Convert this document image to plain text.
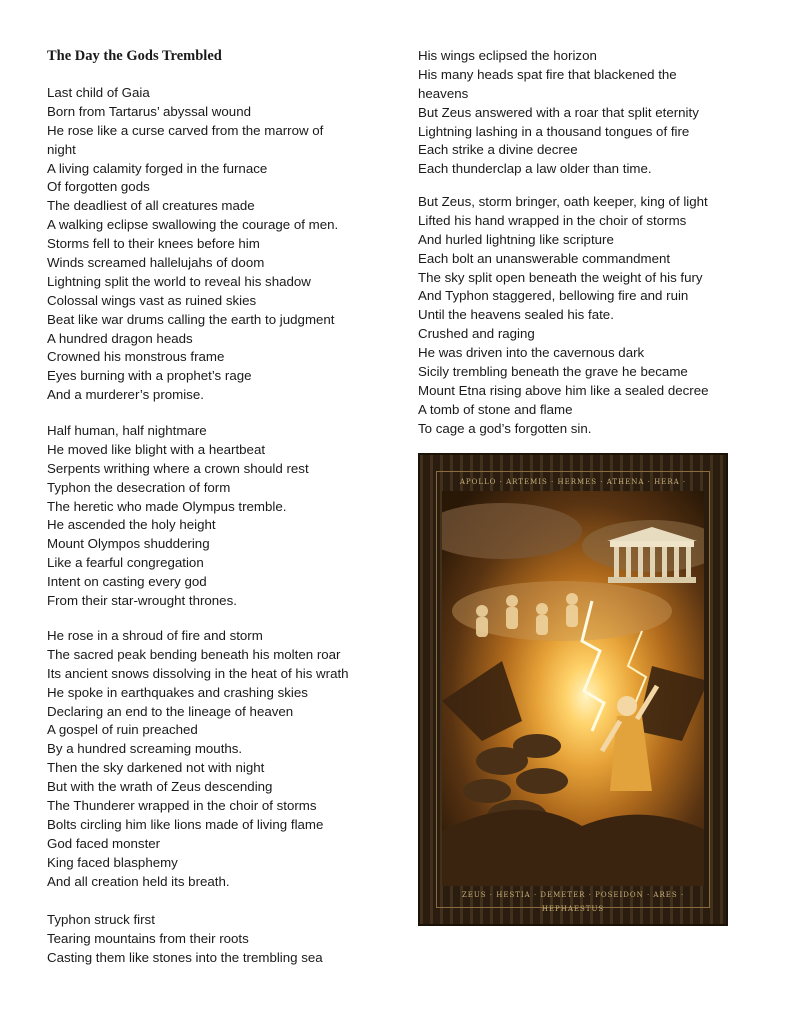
The Day the Gods Trembled
Last child of Gaia
Born from Tartarus’ abyssal wound
He rose like a curse carved from the marrow of
night
A living calamity forged in the furnace
Of forgotten gods
The deadliest of all creatures made
A walking eclipse swallowing the courage of men.
Storms fell to their knees before him
Winds screamed hallelujahs of doom
Lightning split the world to reveal his shadow
Colossal wings vast as ruined skies
Beat like war drums calling the earth to judgment
A hundred dragon heads
Crowned his monstrous frame
Eyes burning with a prophet’s rage
And a murderer’s promise.
Half human, half nightmare
He moved like blight with a heartbeat
Serpents writhing where a crown should rest
Typhon the desecration of form
The heretic who made Olympus tremble.
He ascended the holy height
Mount Olympos shuddering
Like a fearful congregation
Intent on casting every god
From their star-wrought thrones.
He rose in a shroud of fire and storm
The sacred peak bending beneath his molten roar
Its ancient snows dissolving in the heat of his wrath
He spoke in earthquakes and crashing skies
Declaring an end to the lineage of heaven
A gospel of ruin preached
By a hundred screaming mouths.
Then the sky darkened not with night
But with the wrath of Zeus descending
The Thunderer wrapped in the choir of storms
Bolts circling him like lions made of living flame
God faced monster
King faced blasphemy
And all creation held its breath.
Typhon struck first
Tearing mountains from their roots
Casting them like stones into the trembling sea
His wings eclipsed the horizon
His many heads spat fire that blackened the
heavens
But Zeus answered with a roar that split eternity
Lightning lashing in a thousand tongues of fire
Each strike a divine decree
Each thunderclap a law older than time.
But Zeus, storm bringer, oath keeper, king of light
Lifted his hand wrapped in the choir of storms
And hurled lightning like scripture
Each bolt an unanswerable commandment
The sky split open beneath the weight of his fury
And Typhon staggered, bellowing fire and ruin
Until the heavens sealed his fate.
Crushed and raging
He was driven into the cavernous dark
Sicily trembling beneath the grave he became
Mount Etna rising above him like a sealed decree
A tomb of stone and flame
To cage a god’s forgotten sin.
APOLLO · ARTEMIS · HERMES · ATHENA · HERA ·
ZEUS · HESTIA · DEMETER · POSEIDON · ARES · HEPHAESTUS
